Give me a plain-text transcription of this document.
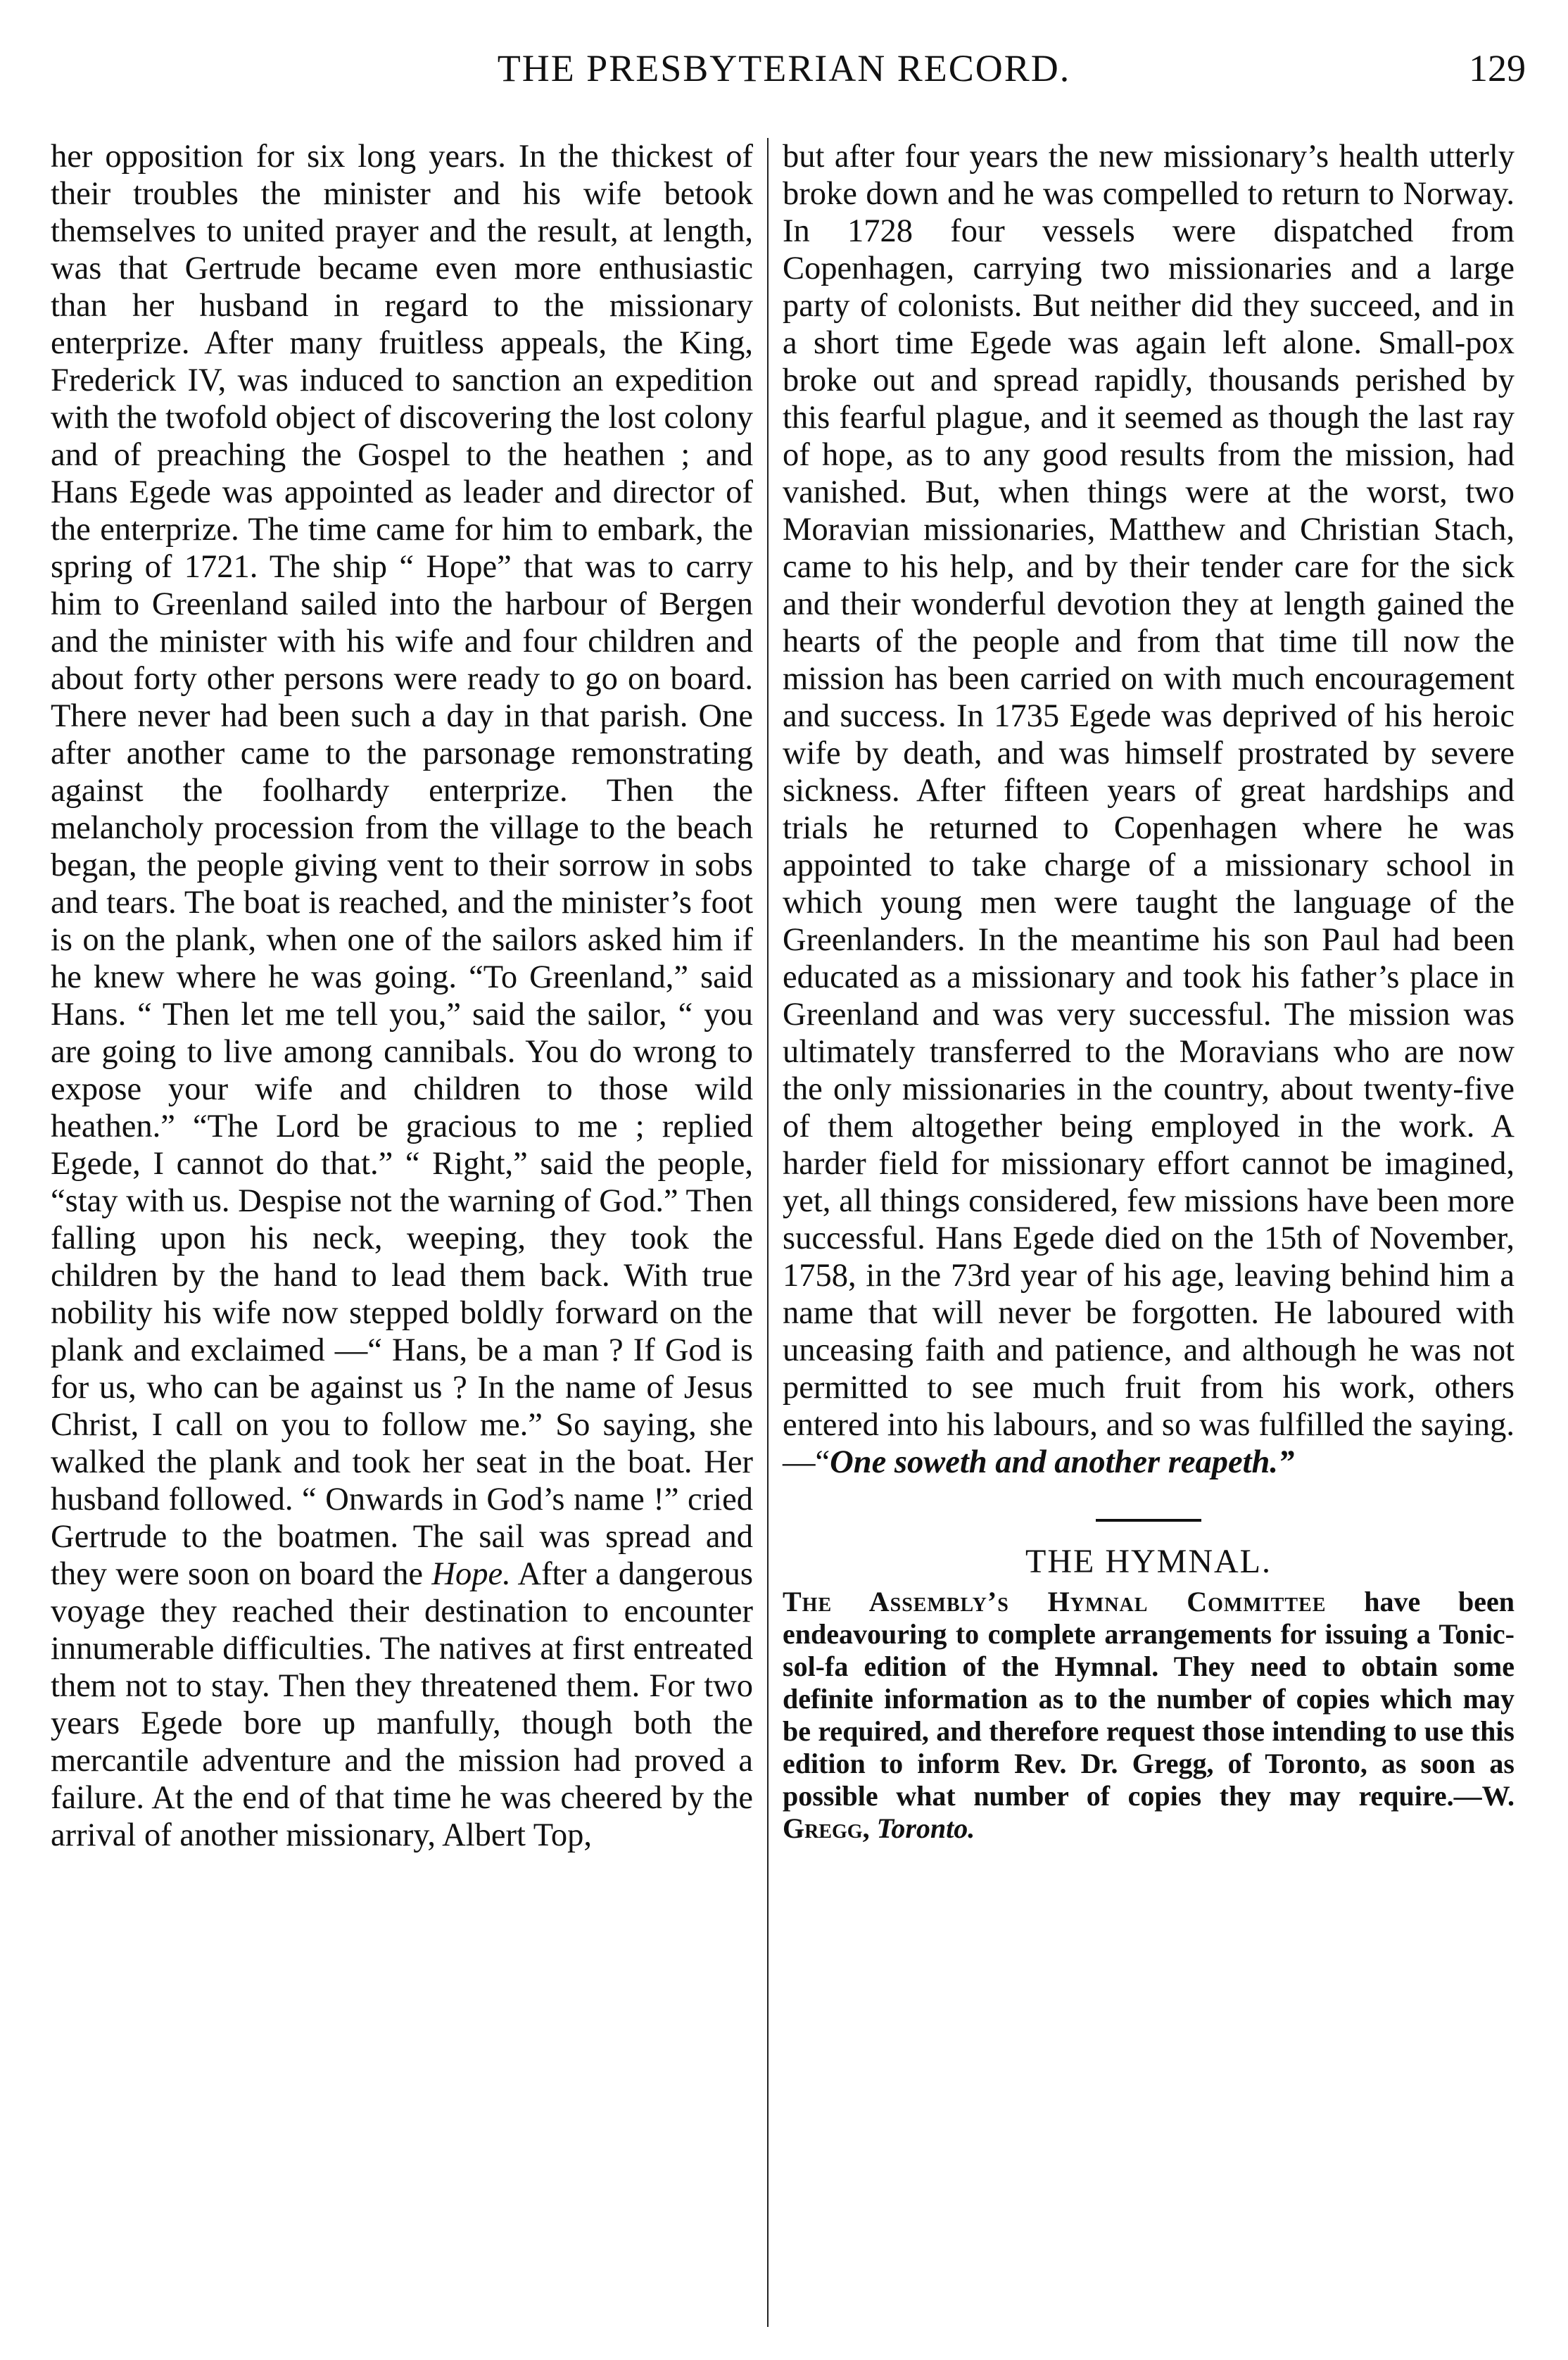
THE PRESBYTERIAN RECORD.	129

her opposition for six long years. In the thickest of their troubles the minister and his wife betook themselves to united prayer and the result, at length, was that Gertrude became even more enthusiastic than her husband in regard to the missionary enterprize. After many fruitless appeals, the King, Frederick IV, was induced to sanction an expedition with the twofold object of discovering the lost colony and of preaching the Gospel to the heathen ; and Hans Egede was appointed as leader and director of the enterprize. The time came for him to embark, the spring of 1721. The ship “ Hope” that was to carry him to Greenland sailed into the harbour of Bergen and the minister with his wife and four children and about forty other persons were ready to go on board. There never had been such a day in that parish. One after another came to the parsonage remonstrating against the foolhardy enterprize. Then the melancholy procession from the village to the beach began, the people giving vent to their sorrow in sobs and tears. The boat is reached, and the minister’s foot is on the plank, when one of the sailors asked him if he knew where he was going. “To Greenland,” said Hans. “ Then let me tell you,” said the sailor, “ you are going to live among cannibals. You do wrong to expose your wife and children to those wild heathen.” “The Lord be gracious to me ; replied Egede, I cannot do that.” “ Right,” said the people, “stay with us. Despise not the warning of God.” Then falling upon his neck, weeping, they took the children by the hand to lead them back. With true nobility his wife now stepped boldly forward on the plank and exclaimed —“ Hans, be a man ? If God is for us, who can be against us ? In the name of Jesus Christ, I call on you to follow me.” So saying, she walked the plank and took her seat in the boat. Her husband followed. “ Onwards in God’s name !” cried Gertrude to the boatmen. The sail was spread and they were soon on board the Hope. After a dangerous voyage they reached their destination to encounter innumerable difficulties. The natives at first entreated them not to stay. Then they threatened them. For two years Egede bore up manfully, though both the mercantile adventure and the mission had proved a failure. At the end of that time he was cheered by the arrival of another missionary, Albert Top,

but after four years the new missionary’s health utterly broke down and he was compelled to return to Norway. In 1728 four vessels were dispatched from Copenhagen, carrying two missionaries and a large party of colonists. But neither did they succeed, and in a short time Egede was again left alone. Small-pox broke out and spread rapidly, thousands perished by this fearful plague, and it seemed as though the last ray of hope, as to any good results from the mission, had vanished. But, when things were at the worst, two Moravian missionaries, Matthew and Christian Stach, came to his help, and by their tender care for the sick and their wonderful devotion they at length gained the hearts of the people and from that time till now the mission has been carried on with much encouragement and success. In 1735 Egede was deprived of his heroic wife by death, and was himself prostrated by severe sickness. After fifteen years of great hardships and trials he returned to Copenhagen where he was appointed to take charge of a missionary school in which young men were taught the language of the Greenlanders. In the meantime his son Paul had been educated as a missionary and took his father’s place in Greenland and was very successful. The mission was ultimately transferred to the Moravians who are now the only missionaries in the country, about twenty-five of them altogether being employed in the work. A harder field for missionary effort cannot be imagined, yet, all things considered, few missions have been more successful. Hans Egede died on the 15th of November, 1758, in the 73rd year of his age, leaving behind him a name that will never be forgotten. He laboured with unceasing faith and patience, and although he was not permitted to see much fruit from his work, others entered into his labours, and so was fulfilled the saying.—“One soweth and another reapeth.”

THE HYMNAL.

The Assembly’s Hymnal Committee have been endeavouring to complete arrangements for issuing a Tonic-sol-fa edition of the Hymnal. They need to obtain some definite information as to the number of copies which may be required, and therefore request those intending to use this edition to inform Rev. Dr. Gregg, of Toronto, as soon as possible what number of copies they may require.—W. Gregg, Toronto.
